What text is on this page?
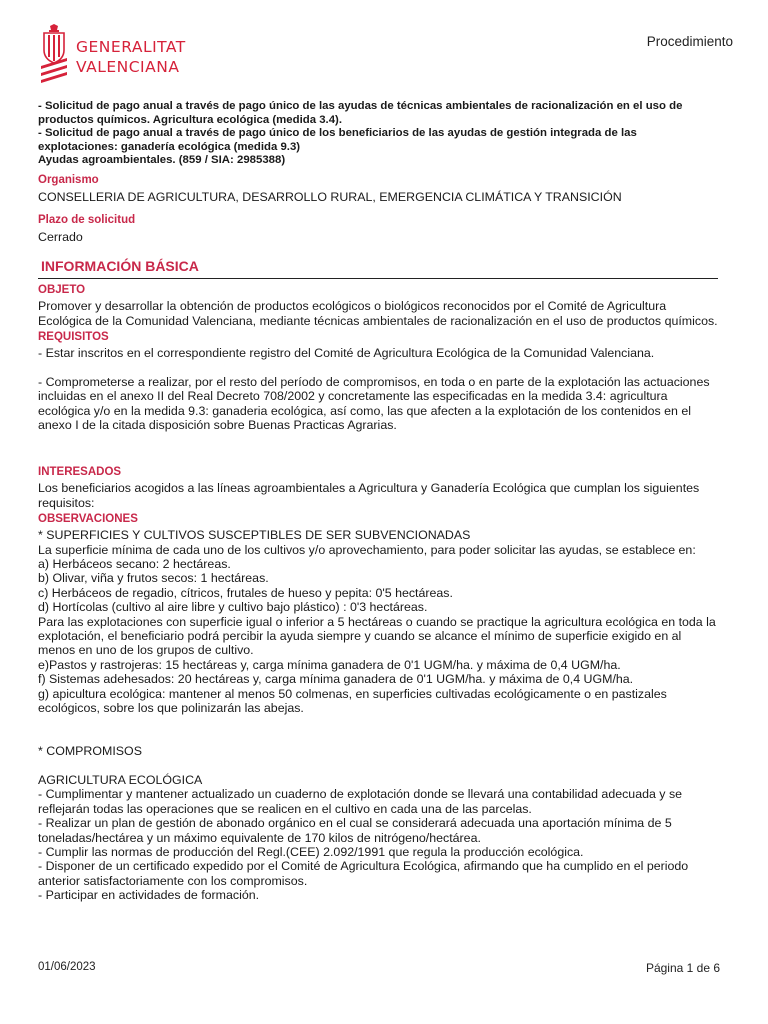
GENERALITAT
VALENCIANA
Procedimiento

- Solicitud de pago anual a través de pago único de las ayudas de técnicas ambientales de racionalización en el uso de productos químicos. Agricultura ecológica (medida 3.4).

- Solicitud de pago anual a través de pago único de los beneficiarios de las ayudas de gestión integrada de las explotaciones: ganadería ecológica (medida 9.3)

Ayudas agroambientales. (859 / SIA: 2985388)

Organismo

CONSELLERIA DE AGRICULTURA, DESARROLLO RURAL, EMERGENCIA CLIMÁTICA Y TRANSICIÓN

Plazo de solicitud

Cerrado

INFORMACIÓN BÁSICA
OBJETO

Promover y desarrollar la obtención de productos ecológicos o biológicos reconocidos por el Comité de Agricultura Ecológica de la Comunidad Valenciana, mediante técnicas ambientales de racionalización en el uso de productos químicos.

REQUISITOS

- Estar inscritos en el correspondiente registro del Comité de Agricultura Ecológica de la Comunidad Valenciana.

- Comprometerse a realizar, por el resto del período de compromisos, en toda o en parte de la explotación las actuaciones incluidas en el anexo II del Real Decreto 708/2002 y concretamente las especificadas en la medida 3.4: agricultura ecológica y/o en la medida 9.3: ganaderia ecológica, así como, las que afecten a la explotación de los contenidos en el anexo I de la citada disposición sobre Buenas Practicas Agrarias.

INTERESADOS

Los beneficiarios acogidos a las líneas agroambientales a Agricultura y Ganadería Ecológica que cumplan los siguientes requisitos:

OBSERVACIONES

* SUPERFICIES Y CULTIVOS SUSCEPTIBLES DE SER SUBVENCIONADAS

La superficie mínima de cada uno de los cultivos y/o aprovechamiento, para poder solicitar las ayudas, se establece en:

a) Herbáceos secano: 2 hectáreas.

b) Olivar, viña y frutos secos: 1 hectáreas.

c) Herbáceos de regadio, cítricos, frutales de hueso y pepita: 0'5 hectáreas.

d) Hortícolas (cultivo al aire libre y cultivo bajo plástico) : 0'3 hectáreas.

Para las explotaciones con superficie igual o inferior a 5 hectáreas o cuando se practique la agricultura ecológica en toda la explotación, el beneficiario podrá percibir la ayuda siempre y cuando se alcance el mínimo de superficie exigido en al menos en uno de los grupos de cultivo.

e)Pastos y rastrojeras: 15 hectáreas y, carga mínima ganadera de 0'1 UGM/ha. y máxima de 0,4 UGM/ha.

f) Sistemas adehesados: 20 hectáreas y, carga mínima ganadera de 0'1 UGM/ha. y máxima de 0,4 UGM/ha.

g) apicultura ecológica: mantener al menos 50 colmenas, en superficies cultivadas ecológicamente o en pastizales ecológicos, sobre los que polinizarán las abejas.

* COMPROMISOS

AGRICULTURA ECOLÓGICA

- Cumplimentar y mantener actualizado un cuaderno de explotación donde se llevará una contabilidad adecuada y se reflejarán todas las operaciones que se realicen en el cultivo en cada una de las parcelas.

- Realizar un plan de gestión de abonado orgánico en el cual se considerará adecuada una aportación mínima de 5 toneladas/hectárea y un máximo equivalente de 170 kilos de nitrógeno/hectárea.

- Cumplir las normas de producción del Regl.(CEE) 2.092/1991 que regula la producción ecológica.

- Disponer de un certificado expedido por el Comité de Agricultura Ecológica, afirmando que ha cumplido en el periodo anterior satisfactoriamente con los compromisos.

- Participar en actividades de formación.

01/06/2023	Página 1 de 6
